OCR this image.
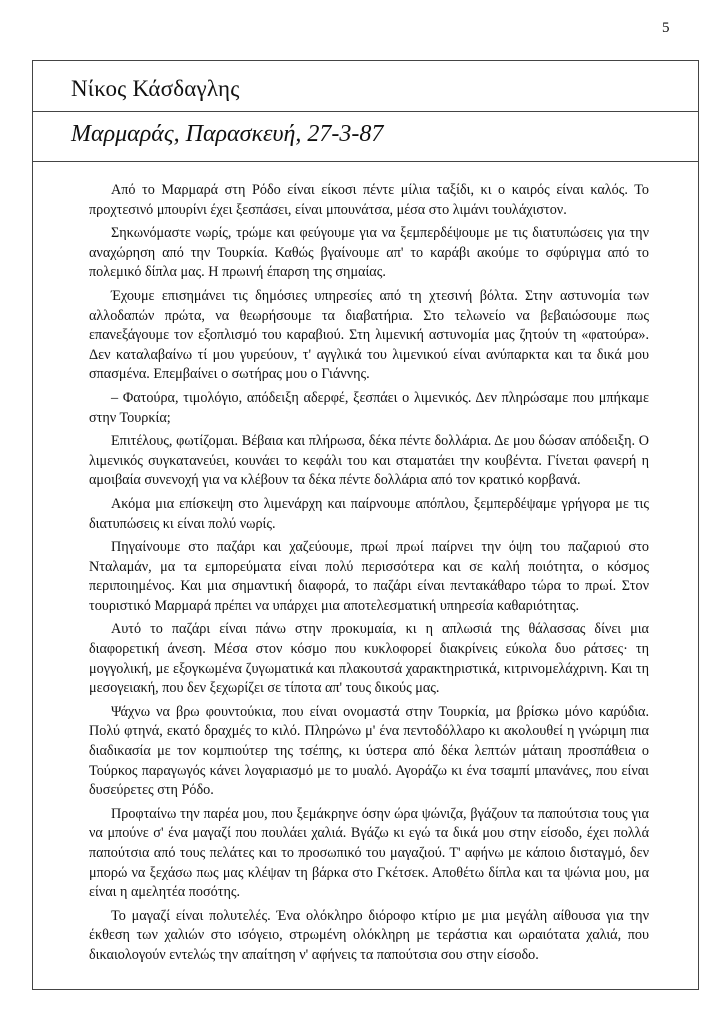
5
Νίκος Κάσδαγλης
Μαρμαράς, Παρασκευή, 27-3-87

Από το Μαρμαρά στη Ρόδο είναι είκοσι πέντε μίλια ταξίδι, κι ο καιρός είναι καλός. Το προχτεσινό μπουρίνι έχει ξεσπάσει, είναι μπουνάτσα, μέσα στο λιμάνι τουλάχιστον.

Σηκωνόμαστε νωρίς, τρώμε και φεύγουμε για να ξεμπερδέψουμε με τις διατυπώσεις για την αναχώρηση από την Τουρκία. Καθώς βγαίνουμε απ' το καράβι ακούμε το σφύριγμα από το πολεμικό δίπλα μας. Η πρωινή έπαρση της σημαίας.

Έχουμε επισημάνει τις δημόσιες υπηρεσίες από τη χτεσινή βόλτα. Στην αστυνομία των αλλοδαπών πρώτα, να θεωρήσουμε τα διαβατήρια. Στο τελωνείο να βεβαιώσουμε πως επανεξάγουμε τον εξοπλισμό του καραβιού. Στη λιμενική αστυνομία μας ζητούν τη «φατούρα». Δεν καταλαβαίνω τί μου γυρεύουν, τ' αγγλικά του λιμενικού είναι ανύπαρκτα και τα δικά μου σπασμένα. Επεμβαίνει ο σωτήρας μου ο Γιάννης.

– Φατούρα, τιμολόγιο, απόδειξη αδερφέ, ξεσπάει ο λιμενικός. Δεν πληρώσαμε που μπήκαμε στην Τουρκία;

Επιτέλους, φωτίζομαι. Βέβαια και πλήρωσα, δέκα πέντε δολλάρια. Δε μου δώσαν απόδειξη. Ο λιμενικός συγκατανεύει, κουνάει το κεφάλι του και σταματάει την κουβέντα. Γίνεται φανερή η αμοιβαία συνενοχή για να κλέβουν τα δέκα πέντε δολλάρια από τον κρατικό κορβανά.

Ακόμα μια επίσκεψη στο λιμενάρχη και παίρνουμε απόπλου, ξεμπερδέψαμε γρήγορα με τις διατυπώσεις κι είναι πολύ νωρίς.

Πηγαίνουμε στο παζάρι και χαζεύουμε, πρωί πρωί παίρνει την όψη του παζαριού στο Νταλαμάν, μα τα εμπορεύματα είναι πολύ περισσότερα και σε καλή ποιότητα, ο κόσμος περιποιημένος. Και μια σημαντική διαφορά, το παζάρι είναι πεντακάθαρο τώρα το πρωί. Στον τουριστικό Μαρμαρά πρέπει να υπάρχει μια αποτελεσματική υπηρεσία καθαριότητας.

Αυτό το παζάρι είναι πάνω στην προκυμαία, κι η απλωσιά της θάλασσας δίνει μια διαφορετική άνεση. Μέσα στον κόσμο που κυκλοφορεί διακρίνεις εύκολα δυο ράτσες· τη μογγολική, με εξογκωμένα ζυγωματικά και πλακουτσά χαρακτηριστικά, κιτρινομελάχρινη. Και τη μεσογειακή, που δεν ξεχωρίζει σε τίποτα απ' τους δικούς μας.

Ψάχνω να βρω φουντούκια, που είναι ονομαστά στην Τουρκία, μα βρίσκω μόνο καρύδια. Πολύ φτηνά, εκατό δραχμές το κιλό. Πληρώνω μ' ένα πεντοδόλλαρο κι ακολουθεί η γνώριμη πια διαδικασία με τον κομπιούτερ της τσέπης, κι ύστερα από δέκα λεπτών μάταιη προσπάθεια ο Τούρκος παραγωγός κάνει λογαριασμό με το μυαλό. Αγοράζω κι ένα τσαμπί μπανάνες, που είναι δυσεύρετες στη Ρόδο.

Προφταίνω την παρέα μου, που ξεμάκρηνε όσην ώρα ψώνιζα, βγάζουν τα παπούτσια τους για να μπούνε σ' ένα μαγαζί που πουλάει χαλιά. Βγάζω κι εγώ τα δικά μου στην είσοδο, έχει πολλά παπούτσια από τους πελάτες και το προσωπικό του μαγαζιού. Τ' αφήνω με κάποιο δισταγμό, δεν μπορώ να ξεχάσω πως μας κλέψαν τη βάρκα στο Γκέτσεκ. Αποθέτω δίπλα και τα ψώνια μου, μα είναι η αμελητέα ποσότης.

Το μαγαζί είναι πολυτελές. Ένα ολόκληρο διόροφο κτίριο με μια μεγάλη αίθουσα για την έκθεση των χαλιών στο ισόγειο, στρωμένη ολόκληρη με τεράστια και ωραιότατα χαλιά, που δικαιολογούν εντελώς την απαίτηση ν' αφήνεις τα παπούτσια σου στην είσοδο.
